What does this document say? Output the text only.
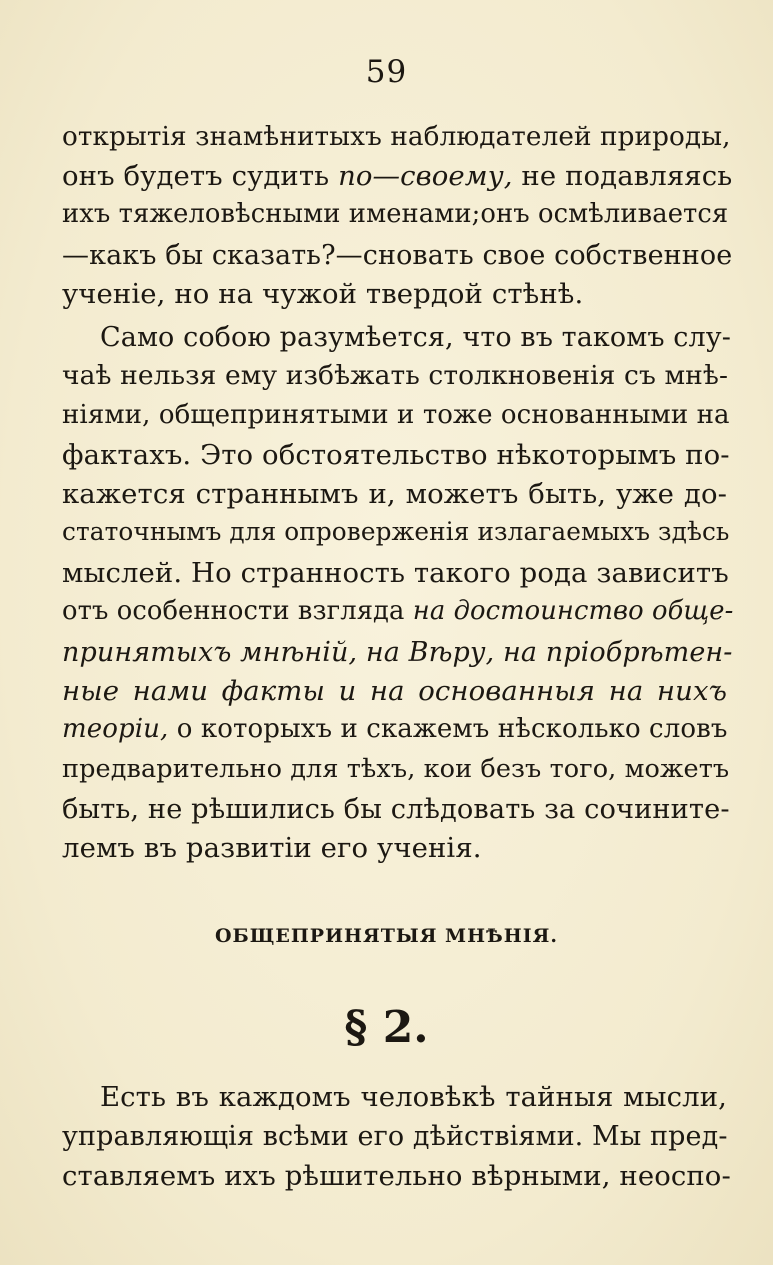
59
открытія знамѣнитыхъ наблюдателей природы,
онъ будетъ судить по—своему, не подавляясь
ихъ тяжеловѣсными именами;онъ осмѣливается
—какъ бы сказать?—сновать свое собственное
ученіе, но на чужой твердой стѣнѣ.
Само собою разумѣется, что въ такомъ слу-
чаѣ нельзя ему избѣжать столкновенія съ мнѣ-
ніями, общепринятыми и тоже основанными на
фактахъ. Это обстоятельство нѣкоторымъ по-
кажется страннымъ и, можетъ быть, уже до-
статочнымъ для опроверженія излагаемыхъ здѣсь
мыслей. Но странность такого рода зависитъ
отъ особенности взгляда на достоинство обще-
принятыхъ мнѣній, на Вѣру, на пріобрѣтен-
ные нами факты и на основанныя на нихъ
теоріи, о которыхъ и скажемъ нѣсколько словъ
предварительно для тѣхъ, кои безъ того, можетъ
быть, не рѣшились бы слѣдовать за сочините-
лемъ въ развитіи его ученія.
ОБЩЕПРИНЯТЫЯ МНѢНІЯ.
§ 2.
Есть въ каждомъ человѣкѣ тайныя мысли,
управляющія всѣми его дѣйствіями. Мы пред-
ставляемъ ихъ рѣшительно вѣрными, неоспо-
